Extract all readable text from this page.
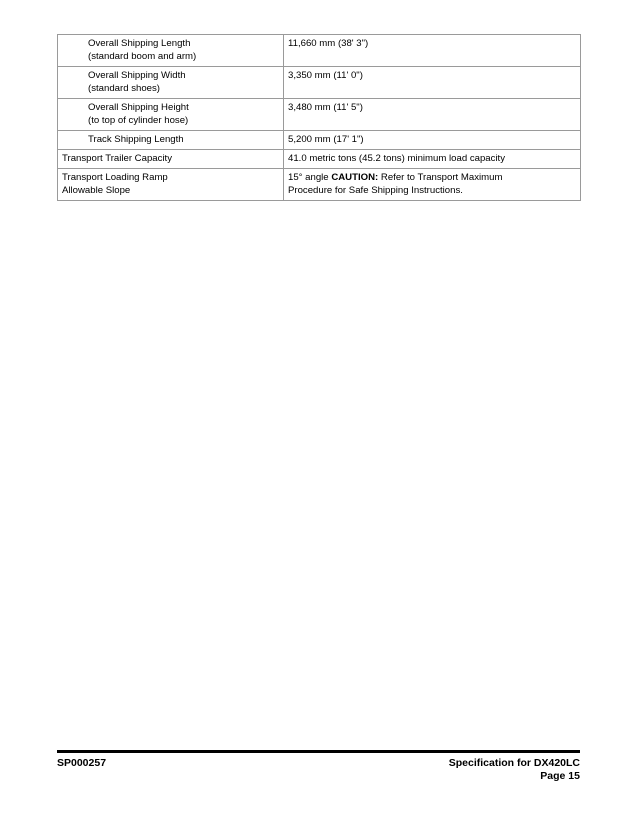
Overall Shipping Length
(standard boom and arm)	11,660 mm (38' 3")

Overall Shipping Width
(standard shoes)	3,350 mm (11' 0")

Overall Shipping Height
(to top of cylinder hose)	3,480 mm (11' 5")

Track Shipping Length	5,200 mm (17' 1")

Transport Trailer Capacity	41.0 metric tons (45.2 tons) minimum load capacity

Transport Loading Ramp
Allowable Slope	15° angle CAUTION: Refer to Transport Maximum
Procedure for Safe Shipping Instructions.
SP000257	Specification for DX420LC
Page 15
